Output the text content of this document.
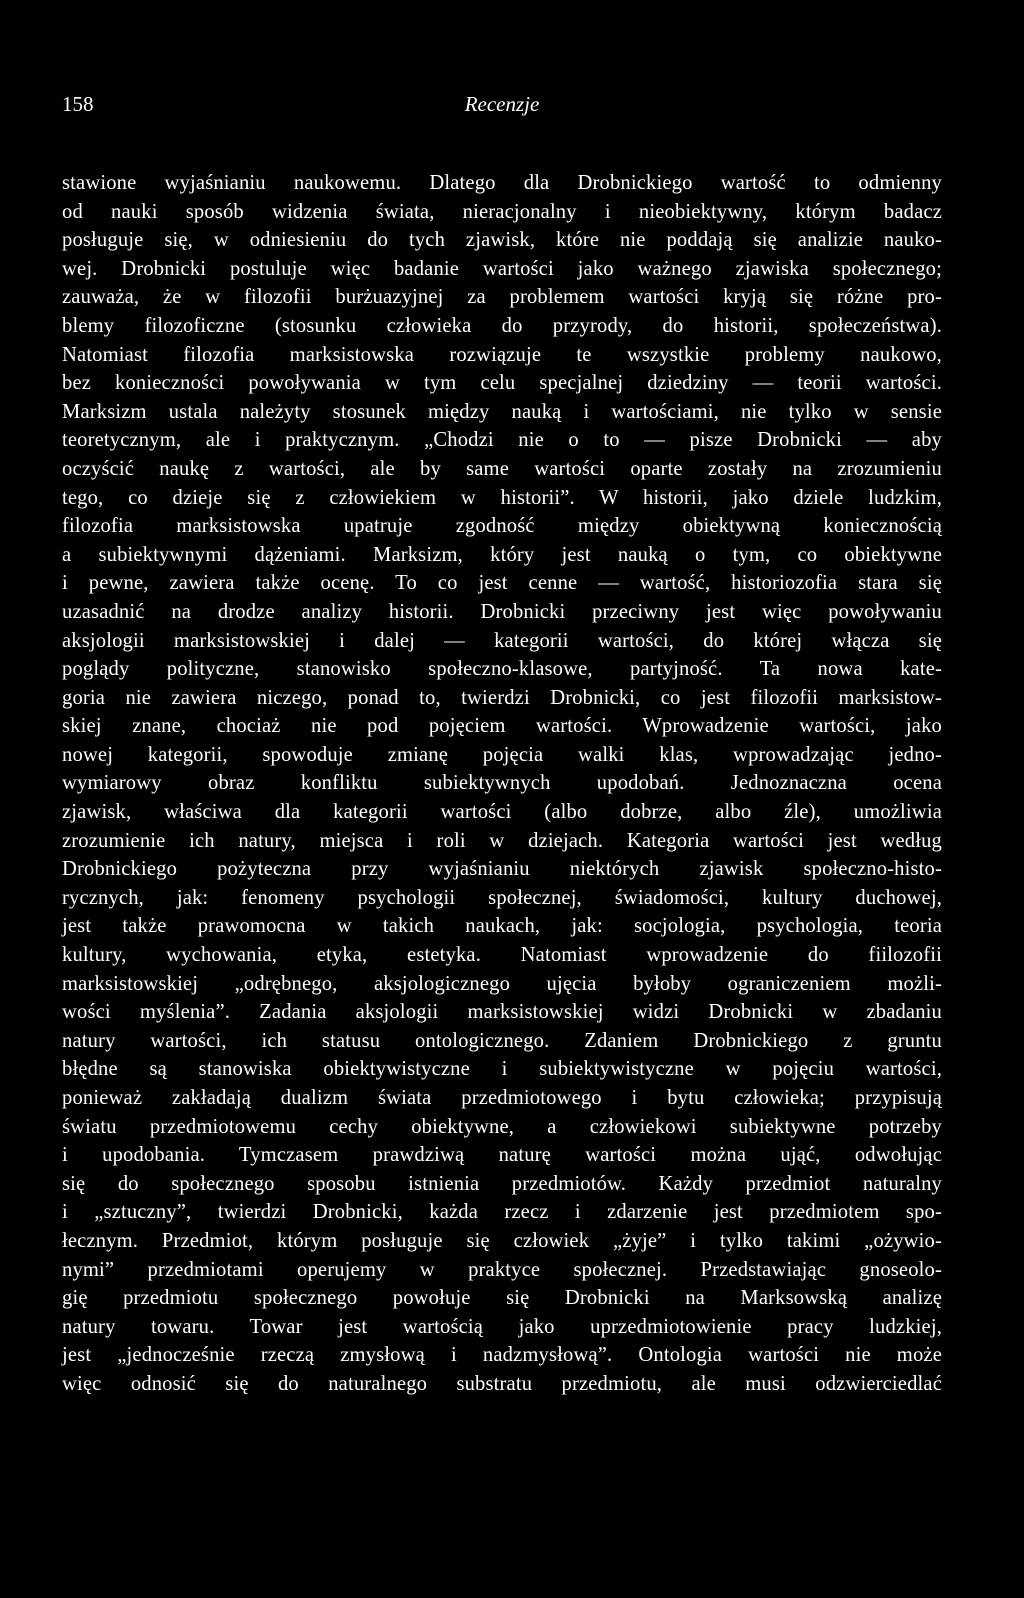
158	Recenzje
stawione wyjaśnianiu naukowemu. Dlatego dla Drobnickiego wartość to odmienny
od nauki sposób widzenia świata, nieracjonalny i nieobiektywny, którym badacz
posługuje się, w odniesieniu do tych zjawisk, które nie poddają się analizie nauko-
wej. Drobnicki postuluje więc badanie wartości jako ważnego zjawiska społecznego;
zauważa, że w filozofii burżuazyjnej za problemem wartości kryją się różne pro-
blemy filozoficzne (stosunku człowieka do przyrody, do historii, społeczeństwa).
Natomiast filozofia marksistowska rozwiązuje te wszystkie problemy naukowo,
bez konieczności powoływania w tym celu specjalnej dziedziny — teorii wartości.
Marksizm ustala należyty stosunek między nauką i wartościami, nie tylko w sensie
teoretycznym, ale i praktycznym. „Chodzi nie o to — pisze Drobnicki — aby
oczyścić naukę z wartości, ale by same wartości oparte zostały na zrozumieniu
tego, co dzieje się z człowiekiem w historii”. W historii, jako dziele ludzkim,
filozofia marksistowska upatruje zgodność między obiektywną koniecznością
a subiektywnymi dążeniami. Marksizm, który jest nauką o tym, co obiektywne
i pewne, zawiera także ocenę. To co jest cenne — wartość, historiozofia stara się
uzasadnić na drodze analizy historii. Drobnicki przeciwny jest więc powoływaniu
aksjologii marksistowskiej i dalej — kategorii wartości, do której włącza się
poglądy polityczne, stanowisko społeczno-klasowe, partyjność. Ta nowa kate-
goria nie zawiera niczego, ponad to, twierdzi Drobnicki, co jest filozofii marksistow-
skiej znane, chociaż nie pod pojęciem wartości. Wprowadzenie wartości, jako
nowej kategorii, spowoduje zmianę pojęcia walki klas, wprowadzając jedno-
wymiarowy obraz konfliktu subiektywnych upodobań. Jednoznaczna ocena
zjawisk, właściwa dla kategorii wartości (albo dobrze, albo źle), umożliwia
zrozumienie ich natury, miejsca i roli w dziejach. Kategoria wartości jest według
Drobnickiego pożyteczna przy wyjaśnianiu niektórych zjawisk społeczno-histo-
rycznych, jak: fenomeny psychologii społecznej, świadomości, kultury duchowej,
jest także prawomocna w takich naukach, jak: socjologia, psychologia, teoria
kultury, wychowania, etyka, estetyka. Natomiast wprowadzenie do fiilozofii
marksistowskiej „odrębnego, aksjologicznego ujęcia byłoby ograniczeniem możli-
wości myślenia”. Zadania aksjologii marksistowskiej widzi Drobnicki w zbadaniu
natury wartości, ich statusu ontologicznego. Zdaniem Drobnickiego z gruntu
błędne są stanowiska obiektywistyczne i subiektywistyczne w pojęciu wartości,
ponieważ zakładają dualizm świata przedmiotowego i bytu człowieka; przypisują
światu przedmiotowemu cechy obiektywne, a człowiekowi subiektywne potrzeby
i upodobania. Tymczasem prawdziwą naturę wartości można ująć, odwołując
się do społecznego sposobu istnienia przedmiotów. Każdy przedmiot naturalny
i „sztuczny”, twierdzi Drobnicki, każda rzecz i zdarzenie jest przedmiotem spo-
łecznym. Przedmiot, którym posługuje się człowiek „żyje” i tylko takimi „ożywio-
nymi” przedmiotami operujemy w praktyce społecznej. Przedstawiając gnoseolo-
gię przedmiotu społecznego powołuje się Drobnicki na Marksowską analizę
natury towaru. Towar jest wartością jako uprzedmiotowienie pracy ludzkiej,
jest „jednocześnie rzeczą zmysłową i nadzmysłową”. Ontologia wartości nie może
więc odnosić się do naturalnego substratu przedmiotu, ale musi odzwierciedlać
